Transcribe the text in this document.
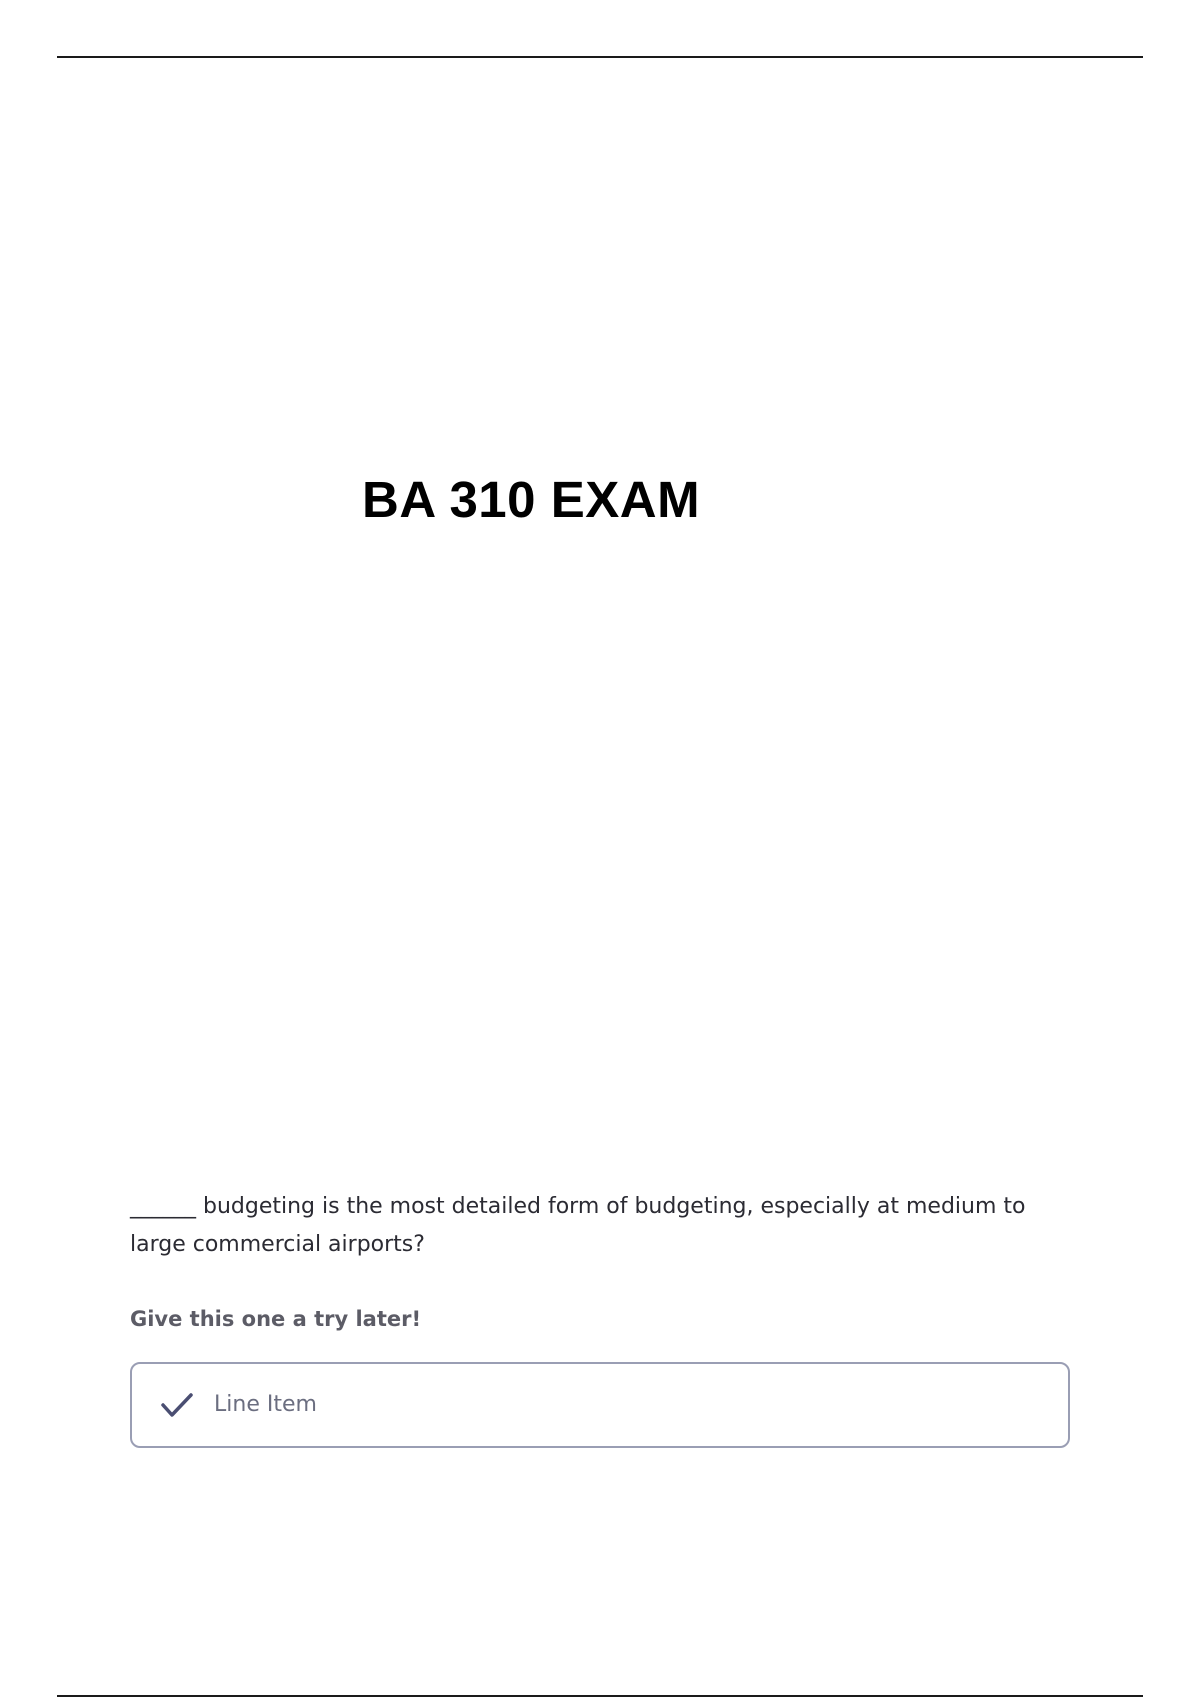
BA 310 EXAM

______ budgeting is the most detailed form of budgeting, especially at medium to large commercial airports?

Give this one a try later!

Line Item
